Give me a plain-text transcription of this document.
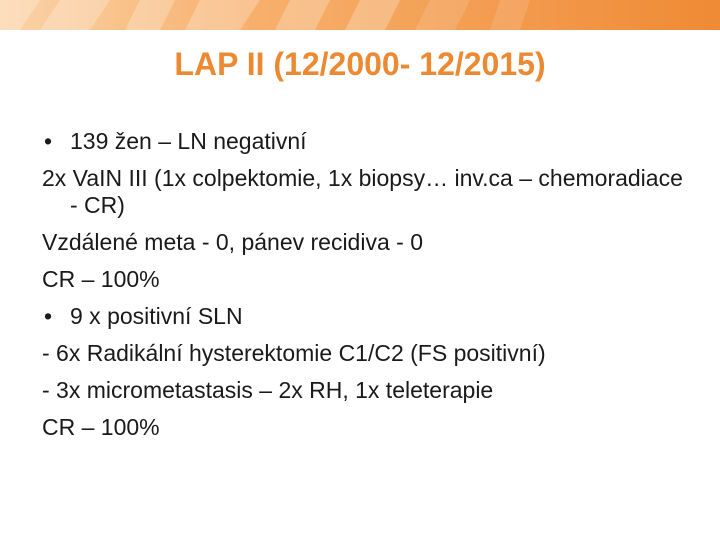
LAP II (12/2000- 12/2015)
• 139 žen – LN negativní
2x VaIN III (1x colpektomie, 1x biopsy… inv.ca – chemoradiace - CR)
Vzdálené meta - 0, pánev recidiva - 0
CR – 100%
• 9 x positivní SLN
- 6x Radikální hysterektomie C1/C2 (FS positivní)
- 3x micrometastasis – 2x RH, 1x teleterapie
CR – 100%
